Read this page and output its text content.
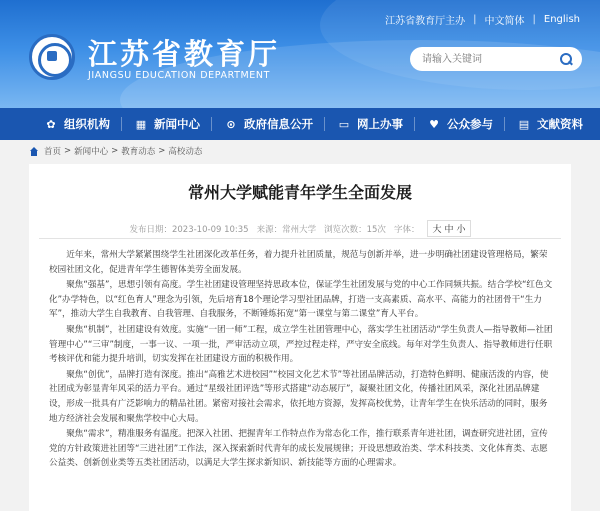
江苏省教育厅主办 | 中文简体 | English
江苏省教育厅
JIANGSU EDUCATION DEPARTMENT
请输入关键词
✿ 组织机构 ▦ 新闻中心 ⊙ 政府信息公开 ▭ 网上办事 ♥ 公众参与 ▤ 文献资料
首页 > 新闻中心 > 教育动态 > 高校动态
常州大学赋能青年学生全面发展
发布日期：2023-10-09 10:35 来源：常州大学 浏览次数：15次 字体： 大 中 小

近年来，常州大学紧紧围绕学生社团深化改革任务，着力提升社团质量，规范与创新并举，进一步明确社团建设管理格局，繁荣校园社团文化，促进青年学生德智体美劳全面发展。

聚焦“强基”，思想引领有高度。学生社团建设管理坚持思政本位，保证学生社团发展与党的中心工作同频共振。结合学校“红色文化”办学特色，以“红色育人”理念为引领，先后培育18个理论学习型社团品牌，打造一支高素质、高水平、高能力的社团骨干“生力军”，推动大学生自我教育、自我管理、自我服务，不断锤炼拓宽“第一课堂与第二课堂”育人平台。

聚焦“机制”，社团建设有效度。实施“一团一师”工程，成立学生社团管理中心，落实学生社团活动“学生负责人—指导教师—社团管理中心”“三审”制度，一事一议、一项一批，严审活动立项，严控过程走样，严守安全底线。每年对学生负责人、指导教师进行任职考核评优和能力提升培训，切实发挥在社团建设方面的积极作用。

聚焦“创优”，品牌打造有深度。推出“高雅艺术进校园”“校园文化艺术节”等社团品牌活动，打造特色鲜明、健康活泼的内容，使社团成为彰显青年风采的活力平台。通过“星级社团评选”等形式搭建“动态展厅”，凝聚社团文化，传播社团风采，深化社团品牌建设，形成一批具有广泛影响力的精品社团。紧密对接社会需求，依托地方资源，发挥高校优势，让青年学生在快乐活动的同时，服务地方经济社会发展和聚焦学校中心大局。

聚焦“需求”，精准服务有温度。把深入社团、把握青年工作特点作为常态化工作，推行联系青年进社团，调查研究进社团，宣传党的方针政策进社团等“三进社团”工作法，深入探索新时代青年的成长发展规律；开设思想政治类、学术科技类、文化体育类、志愿公益类、创新创业类等五类社团活动，以满足大学生探求新知识、新技能等方面的心理需求。
